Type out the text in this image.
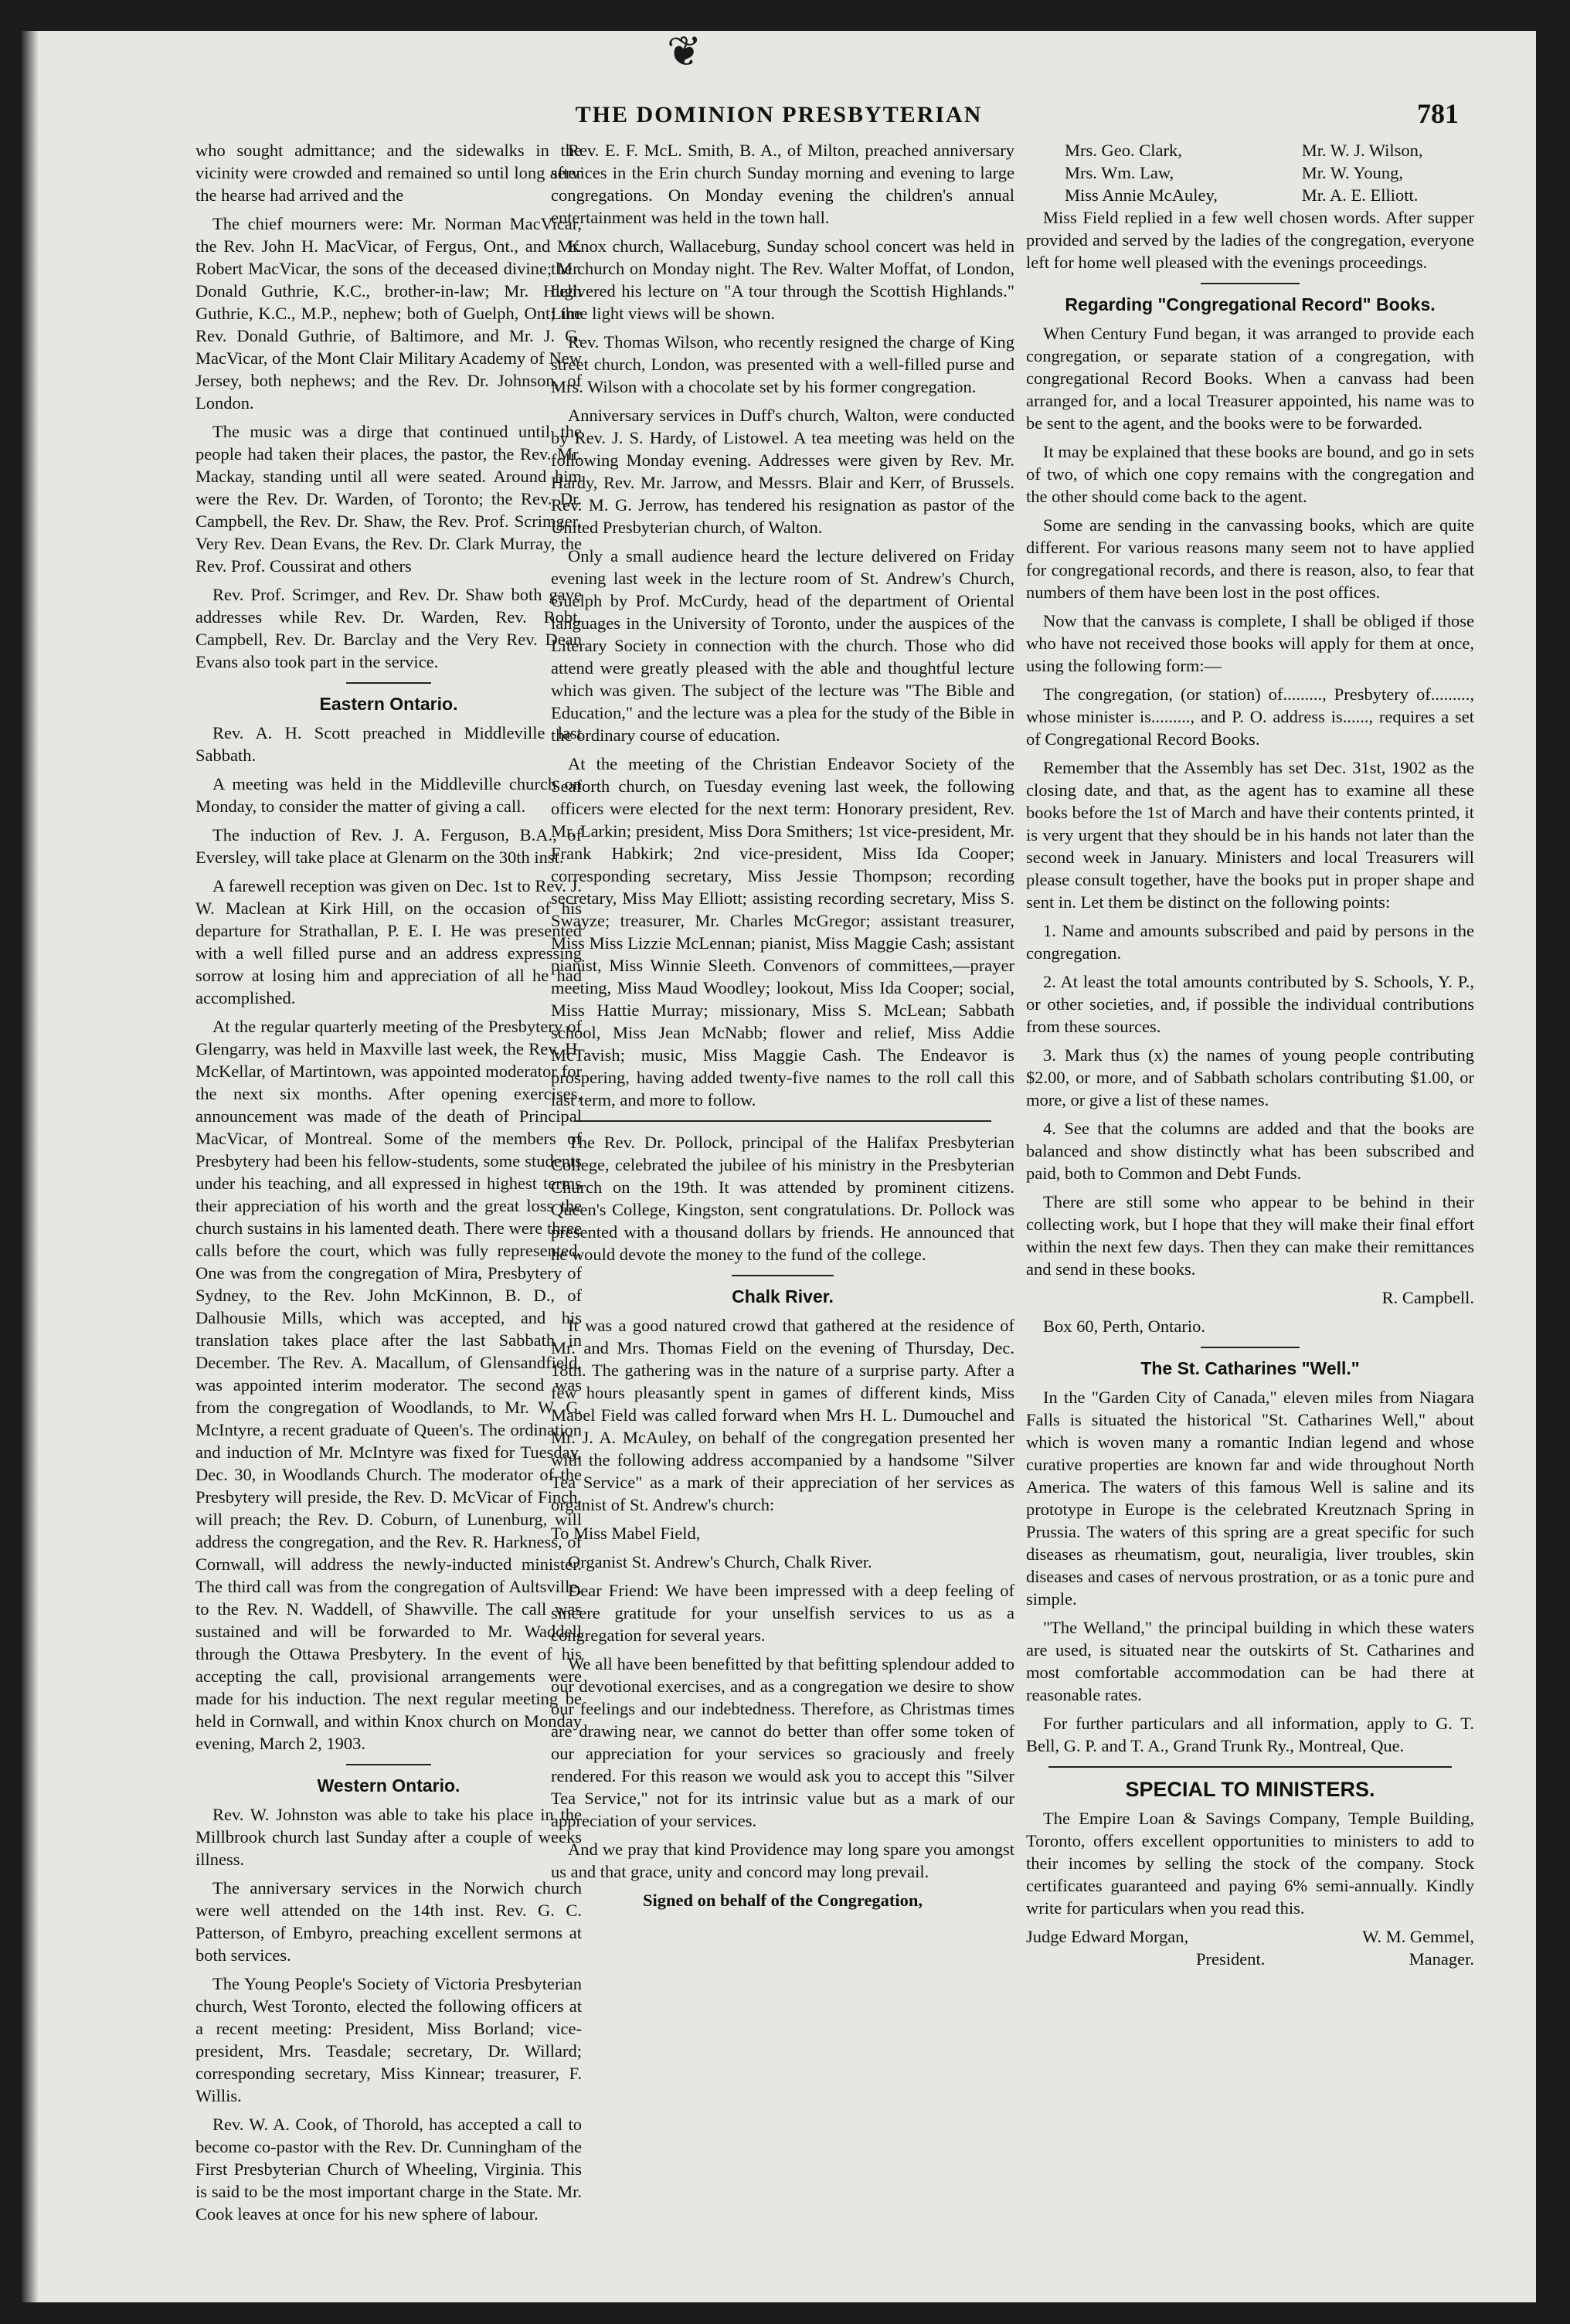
❦
THE DOMINION PRESBYTERIAN	781

who sought admittance; and the sidewalks in the vicinity were crowded and remained so until long after the hearse had arrived and the

The chief mourners were: Mr. Norman MacVicar, the Rev. John H. MacVicar, of Fergus, Ont., and Mr. Robert MacVicar, the sons of the deceased divine; Mr. Donald Guthrie, K.C., brother-in-law; Mr. Hugh Guthrie, K.C., M.P., nephew; both of Guelph, Ont; the Rev. Donald Guthrie, of Baltimore, and Mr. J. G. MacVicar, of the Mont Clair Military Academy of New Jersey, both nephews; and the Rev. Dr. Johnson, of London.

The music was a dirge that continued until the people had taken their places, the pastor, the Rev. Mr. Mackay, standing until all were seated. Around him were the Rev. Dr. Warden, of Toronto; the Rev. Dr. Campbell, the Rev. Dr. Shaw, the Rev. Prof. Scrimger, Very Rev. Dean Evans, the Rev. Dr. Clark Murray, the Rev. Prof. Coussirat and others

Rev. Prof. Scrimger, and Rev. Dr. Shaw both gave addresses while Rev. Dr. Warden, Rev. Robt. Campbell, Rev. Dr. Barclay and the Very Rev. Dean Evans also took part in the service.

Eastern Ontario.

Rev. A. H. Scott preached in Middleville last Sabbath.

A meeting was held in the Middleville church on Monday, to consider the matter of giving a call.

The induction of Rev. J. A. Ferguson, B.A., of Eversley, will take place at Glenarm on the 30th inst.

A farewell reception was given on Dec. 1st to Rev. J. W. Maclean at Kirk Hill, on the occasion of his departure for Strathallan, P. E. I. He was presented with a well filled purse and an address expressing sorrow at losing him and appreciation of all he had accomplished.

At the regular quarterly meeting of the Presbytery of Glengarry, was held in Maxville last week, the Rev. H. McKellar, of Martintown, was appointed moderator for the next six months. After opening exercises, announcement was made of the death of Principal MacVicar, of Montreal. Some of the members of Presbytery had been his fellow-students, some students under his teaching, and all expressed in highest terms their appreciation of his worth and the great loss the church sustains in his lamented death. There were three calls before the court, which was fully represented. One was from the congregation of Mira, Presbytery of Sydney, to the Rev. John McKinnon, B. D., of Dalhousie Mills, which was accepted, and his translation takes place after the last Sabbath in December. The Rev. A. Macallum, of Glensandfield, was appointed interim moderator. The second was from the congregation of Woodlands, to Mr. W. C. McIntyre, a recent graduate of Queen's. The ordination and induction of Mr. McIntyre was fixed for Tuesday, Dec. 30, in Woodlands Church. The moderator of the Presbytery will preside, the Rev. D. McVicar of Finch, will preach; the Rev. D. Coburn, of Lunenburg, will address the congregation, and the Rev. R. Harkness, of Cornwall, will address the newly-inducted minister. The third call was from the congregation of Aultsville, to the Rev. N. Waddell, of Shawville. The call was sustained and will be forwarded to Mr. Waddell through the Ottawa Presbytery. In the event of his accepting the call, provisional arrangements were made for his induction. The next regular meeting be held in Cornwall, and within Knox church on Monday evening, March 2, 1903.

Western Ontario.

Rev. W. Johnston was able to take his place in the Millbrook church last Sunday after a couple of weeks illness.

The anniversary services in the Norwich church were well attended on the 14th inst. Rev. G. C. Patterson, of Embyro, preaching excellent sermons at both services.

The Young People's Society of Victoria Presbyterian church, West Toronto, elected the following officers at a recent meeting: President, Miss Borland; vice-president, Mrs. Teasdale; secretary, Dr. Willard; corresponding secretary, Miss Kinnear; treasurer, F. Willis.

Rev. W. A. Cook, of Thorold, has accepted a call to become co-pastor with the Rev. Dr. Cunningham of the First Presbyterian Church of Wheeling, Virginia. This is said to be the most important charge in the State. Mr. Cook leaves at once for his new sphere of labour.

Rev. E. F. McL. Smith, B. A., of Milton, preached anniversary services in the Erin church Sunday morning and evening to large congregations. On Monday evening the children's annual entertainment was held in the town hall.

Knox church, Wallaceburg, Sunday school concert was held in the church on Monday night. The Rev. Walter Moffat, of London, delivered his lecture on "A tour through the Scottish Highlands." Lime light views will be shown.

Rev. Thomas Wilson, who recently resigned the charge of King street church, London, was presented with a well-filled purse and Mrs. Wilson with a chocolate set by his former congregation.

Anniversary services in Duff's church, Walton, were conducted by Rev. J. S. Hardy, of Listowel. A tea meeting was held on the following Monday evening. Addresses were given by Rev. Mr. Hardy, Rev. Mr. Jarrow, and Messrs. Blair and Kerr, of Brussels. Rev. M. G. Jerrow, has tendered his resignation as pastor of the United Presbyterian church, of Walton.

Only a small audience heard the lecture delivered on Friday evening last week in the lecture room of St. Andrew's Church, Guelph by Prof. McCurdy, head of the department of Oriental languages in the University of Toronto, under the auspices of the Literary Society in connection with the church. Those who did attend were greatly pleased with the able and thoughtful lecture which was given. The subject of the lecture was "The Bible and Education," and the lecture was a plea for the study of the Bible in the ordinary course of education.

At the meeting of the Christian Endeavor Society of the Seaforth church, on Tuesday evening last week, the following officers were elected for the next term: Honorary president, Rev. Mr. Larkin; president, Miss Dora Smithers; 1st vice-president, Mr. Frank Habkirk; 2nd vice-president, Miss Ida Cooper; corresponding secretary, Miss Jessie Thompson; recording secretary, Miss May Elliott; assisting recording secretary, Miss S. Swayze; treasurer, Mr. Charles McGregor; assistant treasurer, Miss Miss Lizzie McLennan; pianist, Miss Maggie Cash; assistant pianist, Miss Winnie Sleeth. Convenors of committees,—prayer meeting, Miss Maud Woodley; lookout, Miss Ida Cooper; social, Miss Hattie Murray; missionary, Miss S. McLean; Sabbath school, Miss Jean McNabb; flower and relief, Miss Addie McTavish; music, Miss Maggie Cash. The Endeavor is prospering, having added twenty-five names to the roll call this last term, and more to follow.

The Rev. Dr. Pollock, principal of the Halifax Presbyterian College, celebrated the jubilee of his ministry in the Presbyterian Church on the 19th. It was attended by prominent citizens. Queen's College, Kingston, sent congratulations. Dr. Pollock was presented with a thousand dollars by friends. He announced that he would devote the money to the fund of the college.

Chalk River.

It was a good natured crowd that gathered at the residence of Mr. and Mrs. Thomas Field on the evening of Thursday, Dec. 18th. The gathering was in the nature of a surprise party. After a few hours pleasantly spent in games of different kinds, Miss Mabel Field was called forward when Mrs H. L. Dumouchel and Mr. J. A. McAuley, on behalf of the congregation presented her with the following address accompanied by a handsome "Silver Tea Service" as a mark of their appreciation of her services as organist of St. Andrew's church:

To Miss Mabel Field,

Organist St. Andrew's Church, Chalk River.

Dear Friend: We have been impressed with a deep feeling of sincere gratitude for your unselfish services to us as a congregation for several years.

We all have been benefitted by that befitting splendour added to our devotional exercises, and as a congregation we desire to show our feelings and our indebtedness. Therefore, as Christmas times are drawing near, we cannot do better than offer some token of our appreciation for your services so graciously and freely rendered. For this reason we would ask you to accept this "Silver Tea Service," not for its intrinsic value but as a mark of our appreciation of your services.

And we pray that kind Providence may long spare you amongst us and that grace, unity and concord may long prevail.

Signed on behalf of the Congregation,

Mrs. Geo. Clark,	Mr. W. J. Wilson,
Mrs. Wm. Law,	Mr. W. Young,
Miss Annie McAuley,	Mr. A. E. Elliott.

Miss Field replied in a few well chosen words. After supper provided and served by the ladies of the congregation, everyone left for home well pleased with the evenings proceedings.

Regarding "Congregational Record" Books.

When Century Fund began, it was arranged to provide each congregation, or separate station of a congregation, with congregational Record Books. When a canvass had been arranged for, and a local Treasurer appointed, his name was to be sent to the agent, and the books were to be forwarded.

It may be explained that these books are bound, and go in sets of two, of which one copy remains with the congregation and the other should come back to the agent.

Some are sending in the canvassing books, which are quite different. For various reasons many seem not to have applied for congregational records, and there is reason, also, to fear that numbers of them have been lost in the post offices.

Now that the canvass is complete, I shall be obliged if those who have not received those books will apply for them at once, using the following form:—

The congregation, (or station) of........., Presbytery of........., whose minister is........., and P. O. address is......, requires a set of Congregational Record Books.

Remember that the Assembly has set Dec. 31st, 1902 as the closing date, and that, as the agent has to examine all these books before the 1st of March and have their contents printed, it is very urgent that they should be in his hands not later than the second week in January. Ministers and local Treasurers will please consult together, have the books put in proper shape and sent in. Let them be distinct on the following points:

1. Name and amounts subscribed and paid by persons in the congregation.

2. At least the total amounts contributed by S. Schools, Y. P., or other societies, and, if possible the individual contributions from these sources.

3. Mark thus (x) the names of young people contributing $2.00, or more, and of Sabbath scholars contributing $1.00, or more, or give a list of these names.

4. See that the columns are added and that the books are balanced and show distinctly what has been subscribed and paid, both to Common and Debt Funds.

There are still some who appear to be behind in their collecting work, but I hope that they will make their final effort within the next few days. Then they can make their remittances and send in these books.

R. Campbell.

Box 60, Perth, Ontario.

The St. Catharines "Well."

In the "Garden City of Canada," eleven miles from Niagara Falls is situated the historical "St. Catharines Well," about which is woven many a romantic Indian legend and whose curative properties are known far and wide throughout North America. The waters of this famous Well is saline and its prototype in Europe is the celebrated Kreutznach Spring in Prussia. The waters of this spring are a great specific for such diseases as rheumatism, gout, neuraligia, liver troubles, skin diseases and cases of nervous prostration, or as a tonic pure and simple.

"The Welland," the principal building in which these waters are used, is situated near the outskirts of St. Catharines and most comfortable accommodation can be had there at reasonable rates.

For further particulars and all information, apply to G. T. Bell, G. P. and T. A., Grand Trunk Ry., Montreal, Que.

SPECIAL TO MINISTERS.

The Empire Loan & Savings Company, Temple Building, Toronto, offers excellent opportunities to ministers to add to their incomes by selling the stock of the company. Stock certificates guaranteed and paying 6% semi-annually. Kindly write for particulars when you read this.

Judge Edward Morgan,	W. M. Gemmel,
President.	Manager.
